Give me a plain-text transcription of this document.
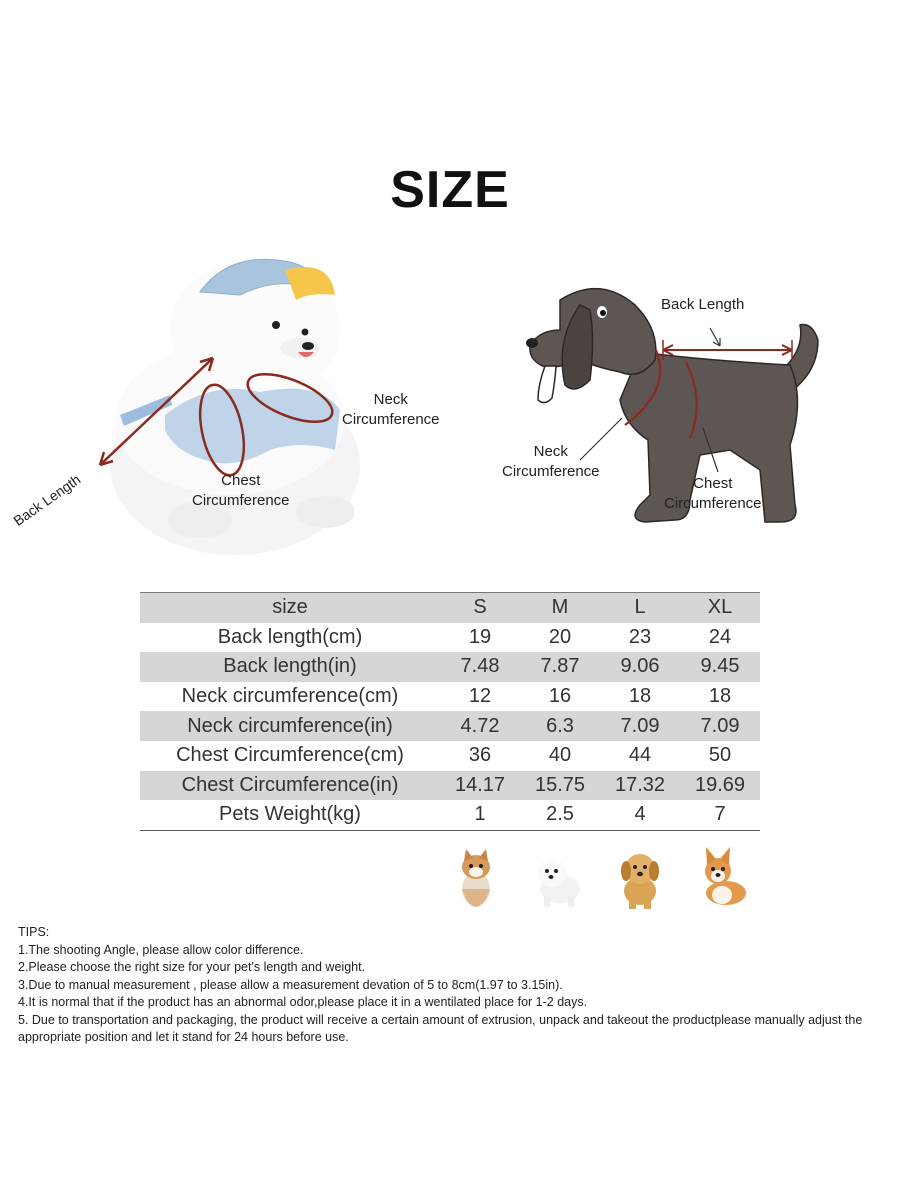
SIZE
Neck
Circumference
Chest
Circumference
Back Length
Back Length
Neck
Circumference
Chest
Circumference
size	S	M	L	XL
Back length(cm)	19	20	23	24
Back length(in)	7.48	7.87	9.06	9.45
Neck circumference(cm)	12	16	18	18
Neck circumference(in)	4.72	6.3	7.09	7.09
Chest Circumference(cm)	36	40	44	50
Chest Circumference(in)	14.17	15.75	17.32	19.69
Pets Weight(kg)	1	2.5	4	7
TIPS:
1.The shooting Angle, please allow color difference.
2.Please choose the right size for your pet's length and weight.
3.Due to manual measurement , please allow a measurement devation of 5 to 8cm(1.97 to 3.15in).
4.It is normal that if the product has an abnormal odor,please place it in a wentilated place for 1-2 days.
5. Due to transportation and packaging, the product will receive a certain amount of extrusion, unpack and takeout the productplease manually adjust the appropriate position and let it stand for 24 hours before use.
